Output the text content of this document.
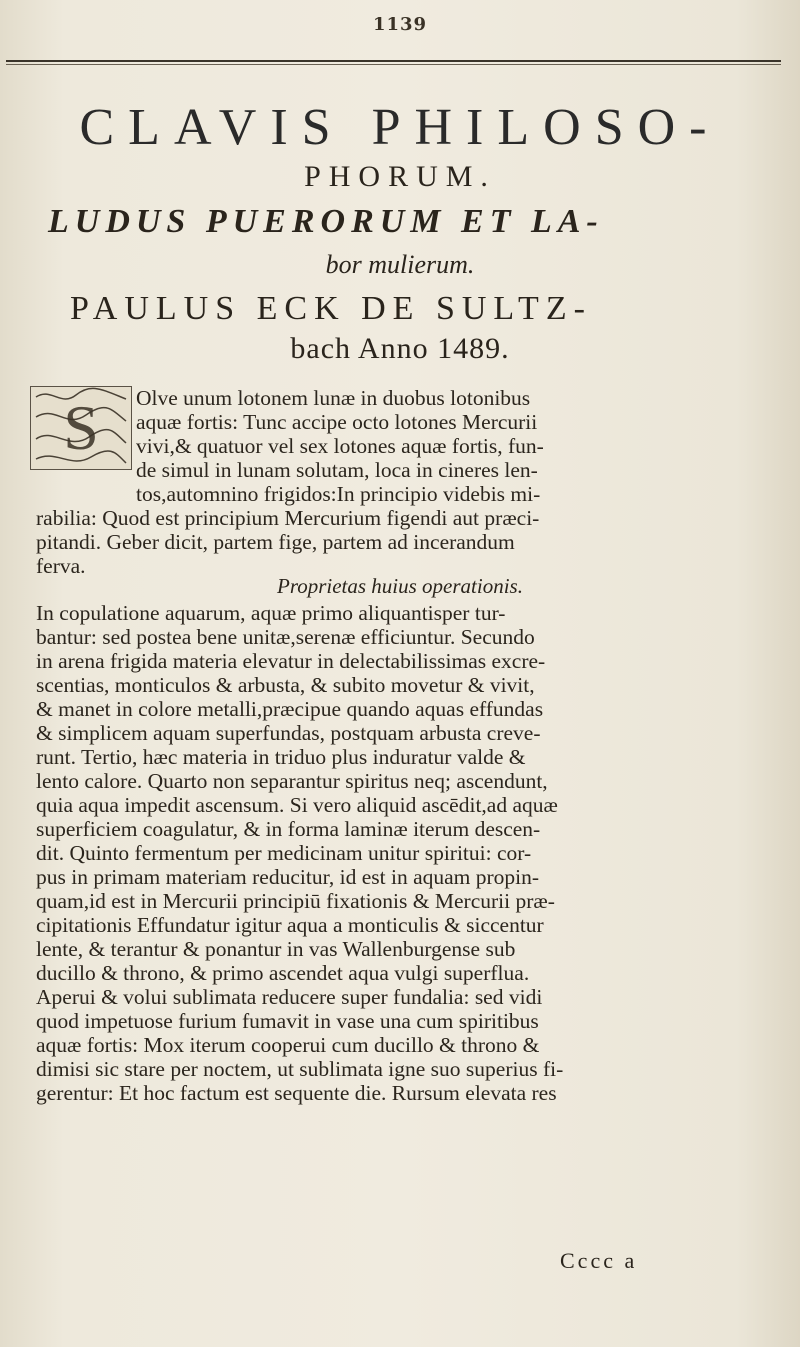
1139
CLAVIS PHILOSO-
PHORUM.
LUDUS PUERORUM ET LA-
bor mulierum.
PAULUS ECK DE SULTZ-
bach Anno 1489.
S Olve unum lotonem lunæ in duobus lotonibus
aquæ fortis: Tunc accipe octo lotones Mercurii
vivi,& quatuor vel sex lotones aquæ fortis, fun-
de simul in lunam solutam, loca in cineres len-
tos,automnino frigidos:In principio videbis mi-
rabilia: Quod est principium Mercurium figendi aut præci-
pitandi. Geber dicit, partem fige, partem ad incerandum
ferva.
Proprietas huius operationis.
In copulatione aquarum, aquæ primo aliquantisper tur-
bantur: sed postea bene unitæ,serenæ efficiuntur. Secundo
in arena frigida materia elevatur in delectabilissimas excre-
scentias, monticulos & arbusta, & subito movetur & vivit,
& manet in colore metalli,præcipue quando aquas effundas
& simplicem aquam superfundas, postquam arbusta creve-
runt. Tertio, hæc materia in triduo plus induratur valde &
lento calore. Quarto non separantur spiritus neq; ascendunt,
quia aqua impedit ascensum. Si vero aliquid ascēdit,ad aquæ
superficiem coagulatur, & in forma laminæ iterum descen-
dit. Quinto fermentum per medicinam unitur spiritui: cor-
pus in primam materiam reducitur, id est in aquam propin-
quam,id est in Mercurii principiū fixationis & Mercurii præ-
cipitationis Effundatur igitur aqua a monticulis & siccentur
lente, & terantur & ponantur in vas Wallenburgense sub
ducillo & throno, & primo ascendet aqua vulgi superflua.
Aperui & volui sublimata reducere super fundalia: sed vidi
quod impetuose furium fumavit in vase una cum spiritibus
aquæ fortis: Mox iterum cooperui cum ducillo & throno &
dimisi sic stare per noctem, ut sublimata igne suo superius fi-
gerentur: Et hoc factum est sequente die. Rursum elevata res
Cccc a
